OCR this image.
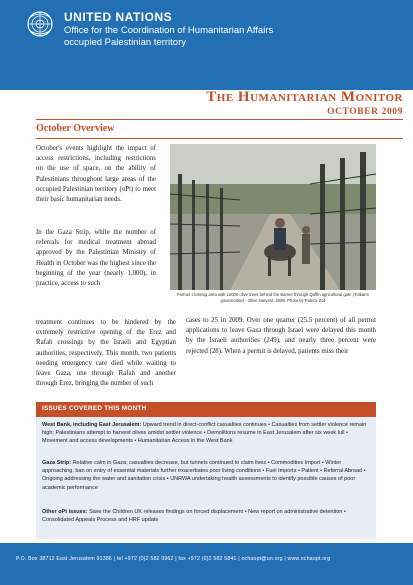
UNITED NATIONS
Office for the Coordination of Humanitarian Affairs
occupied Palestinian territory
The Humanitarian Monitor
OCTOBER 2009
October Overview
October's events highlight the impact of access restrictions, including restrictions on the use of space, on the ability of Palestinians throughout large areas of the occupied Palestinian territory (oPt) to meet their basic humanitarian needs.
In the Gaza Strip, while the number of referrals for medical treatment abroad approved by the Palestinian Ministry of Health in October was the highest since the beginning of the year (nearly 1,000), in practice, access to such
treatment continues to be hindered by the extremely restrictive opening of the Erez and Rafah crossings by the Israeli and Egyptian authorities, respectively. This month, two patients needing emergency care died while waiting to leave Gaza, one through Rafah and another through Erez, bringing the number of such
cases to 25 in 2009. Over one quarter (25.5 percent) of all permit applications to leave Gaza through Israel were delayed this month by the Israeli authorities (249), and nearly three percent were rejected (28). When a permit is delayed, patients miss their
Farmer crossing area with 12000 olive trees behind the Barrier through Qaffin agricultural gate (Tulkarm governorate) - Olive Harvest, 2009. Photo by Patrick Zoll
ISSUES COVERED THIS MONTH
West Bank, including East Jerusalem: Upward trend in direct-conflict casualties continues • Casualties from settler violence remain high; Palestinians attempt to harvest olives amidst settler violence • Demolitions resume in East Jerusalem after six week lull • Movement and access developments • Humanitarian Access in the West Bank
Gaza Strip: Relative calm in Gaza; casualties decrease, but tunnels continued to claim lives • Commodities Import • Winter approaching, ban on entry of essential materials further exacerbates poor living conditions • Fuel Imports • Patient • Referral Abroad • Ongoing addressing the water and sanitation crisis • UNRWA undertaking health assessments to identify possible causes of poor academic performance
Other oPt issues: Save the Children UK releases findings on forced displacement • New report on administrative detention • Consolidated Appeals Process and HRF update
P.O. Box 38712 East Jerusalem 91386 | tel +972 (0)2 582 9962 | fax +972 (0)2 582 5841 | ochaopt@un.org | www.ochaopt.org
